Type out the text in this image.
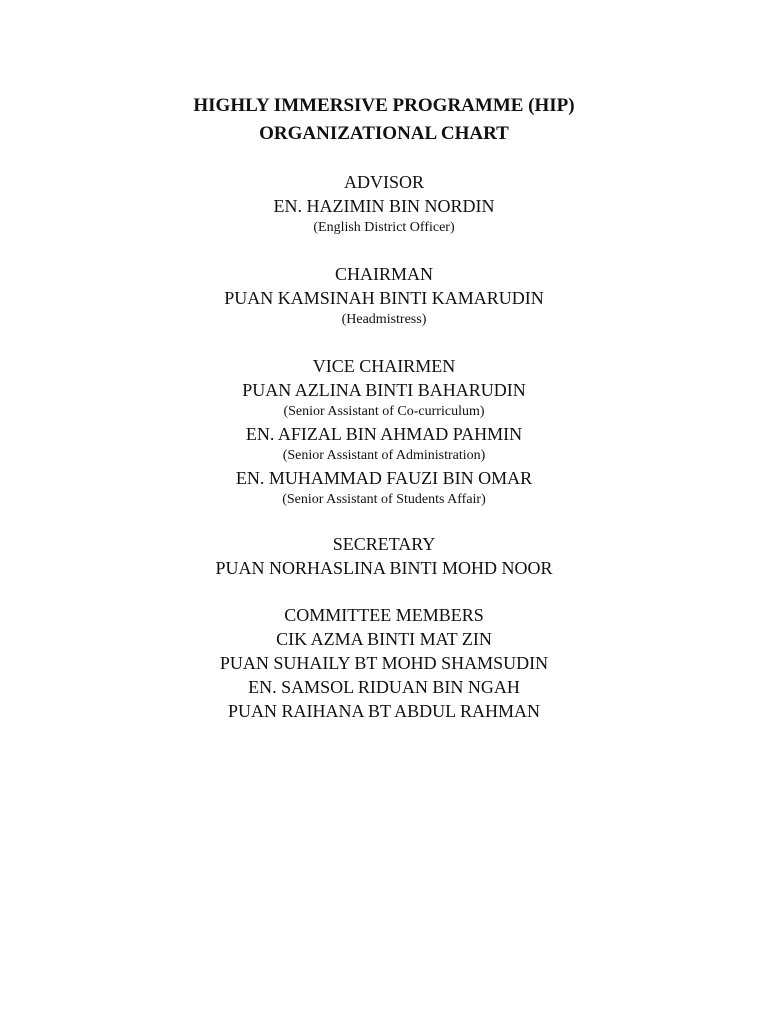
HIGHLY IMMERSIVE PROGRAMME (HIP)
ORGANIZATIONAL CHART
ADVISOR
EN. HAZIMIN BIN NORDIN
(English District Officer)
CHAIRMAN
PUAN KAMSINAH BINTI KAMARUDIN
(Headmistress)
VICE CHAIRMEN
PUAN AZLINA BINTI BAHARUDIN
(Senior Assistant of Co-curriculum)
EN. AFIZAL BIN AHMAD PAHMIN
(Senior Assistant of Administration)
EN. MUHAMMAD FAUZI BIN OMAR
(Senior Assistant of Students Affair)
SECRETARY
PUAN NORHASLINA BINTI MOHD NOOR
COMMITTEE MEMBERS
CIK AZMA BINTI MAT ZIN
PUAN SUHAILY BT MOHD SHAMSUDIN
EN. SAMSOL RIDUAN BIN NGAH
PUAN RAIHANA BT ABDUL RAHMAN
